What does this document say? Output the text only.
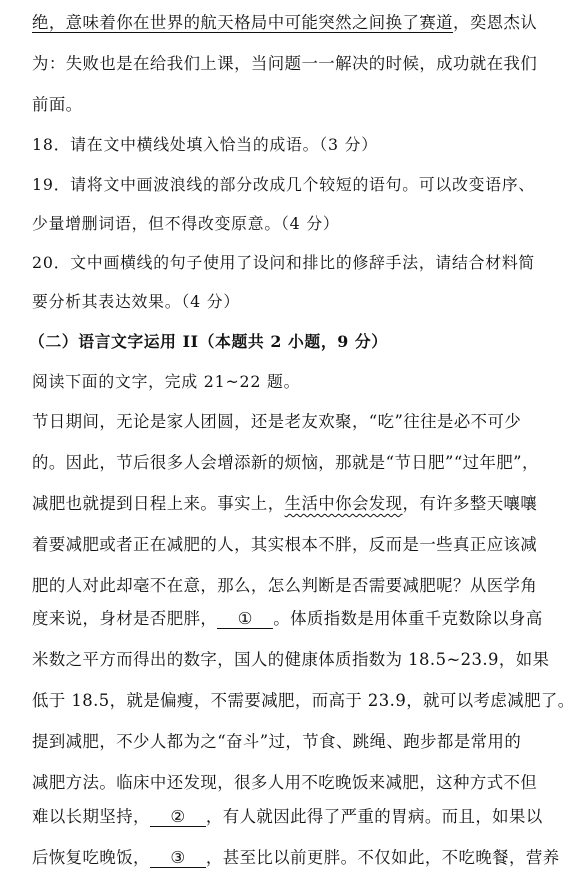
绝，意味着你在世界的航天格局中可能突然之间换了赛道，奕恩杰认

为：失败也是在给我们上课，当问题一一解决的时候，成功就在我们

前面。

18．请在文中横线处填入恰当的成语。（3 分）

19．请将文中画波浪线的部分改成几个较短的语句。可以改变语序、

少量增删词语，但不得改变原意。（4 分）

20．文中画横线的句子使用了设问和排比的修辞手法，请结合材料简

要分析其表达效果。（4 分）

（二）语言文字运用 II（本题共 2 小题，9 分）

阅读下面的文字，完成 21~22 题。

节日期间，无论是家人团圆，还是老友欢聚，“吃”往往是必不可少

的。因此，节后很多人会增添新的烦恼，那就是“节日肥”“过年肥”，

减肥也就提到日程上来。事实上，生活中你会发现，有许多整天嚷嚷

着要减肥或者正在减肥的人，其实根本不胖，反而是一些真正应该减

肥的人对此却毫不在意，那么，怎么判断是否需要减肥呢？从医学角

度来说，身材是否肥胖， ① 。体质指数是用体重千克数除以身高

米数之平方而得出的数字，国人的健康体质指数为 18.5~23.9，如果

低于 18.5，就是偏瘦，不需要减肥，而高于 23.9，就可以考虑减肥了。

提到减肥，不少人都为之“奋斗”过，节食、跳绳、跑步都是常用的

减肥方法。临床中还发现，很多人用不吃晚饭来减肥，这种方式不但

难以长期坚持， ② ，有人就因此得了严重的胃病。而且，如果以

后恢复吃晚饭， ③ ，甚至比以前更胖。不仅如此，不吃晚餐，营养
